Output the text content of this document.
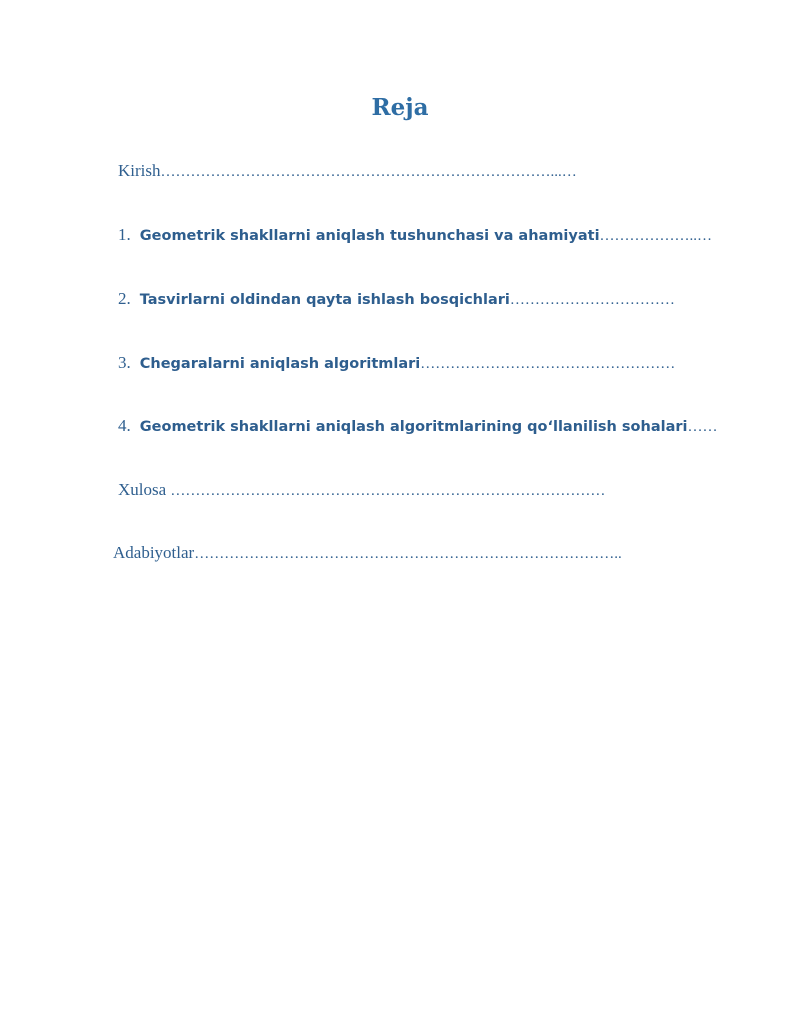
Reja
Kirish……………………………………………………………………...…
1. Geometrik shakllarni aniqlash tushunchasi va ahamiyati………………..…
2. Tasvirlarni oldindan qayta ishlash bosqichlari……………………………
3. Chegaralarni aniqlash algoritmlari……………………………………………
4. Geometrik shakllarni aniqlash algoritmlarining qo‘llanilish sohalari……
Xulosa ……………………………………………………………………………
Adabiyotlar…………………………………………………………………………..
